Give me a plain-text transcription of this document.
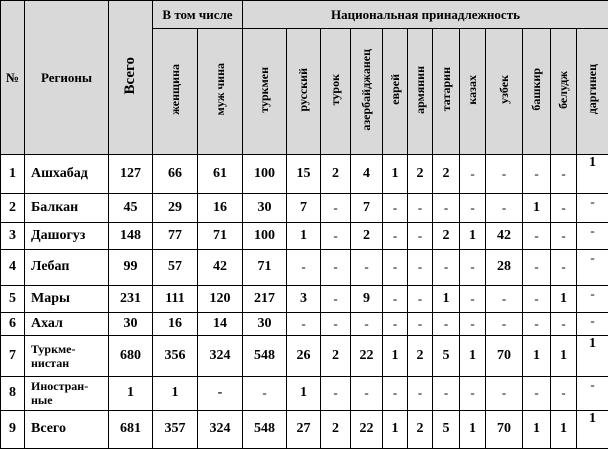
№	Регионы	Всего	В том числе		Национальная принадлежность											
			женщина	муж чина	туркмен	русский	турок	азербайджанец	еврей	армянин	татарин	казах	узбек	башкир	белудж	даргинец
1	Ашхабад	127	66	61	100	15	2	4	1	2	2	-	-	-	-	1
2	Балкан	45	29	16	30	7	-	7	-	-	-	-	-	1	-	-
3	Дашогуз	148	77	71	100	1	-	2	-	-	2	1	42	-	-	-
4	Лебап	99	57	42	71	-	-	-	-	-	-	-	28	-	-	-
5	Мары	231	111	120	217	3	-	9	-	-	1	-	-	-	1	-
6	Ахал	30	16	14	30	-	-	-	-	-	-	-	-	-	-	-
7	Туркме-
нистан	680	356	324	548	26	2	22	1	2	5	1	70	1	1	1
8	Иностран-
ные	1	1	-	-	1	-	-	-	-	-	-	-	-	-	-
9	Всего	681	357	324	548	27	2	22	1	2	5	1	70	1	1	1
